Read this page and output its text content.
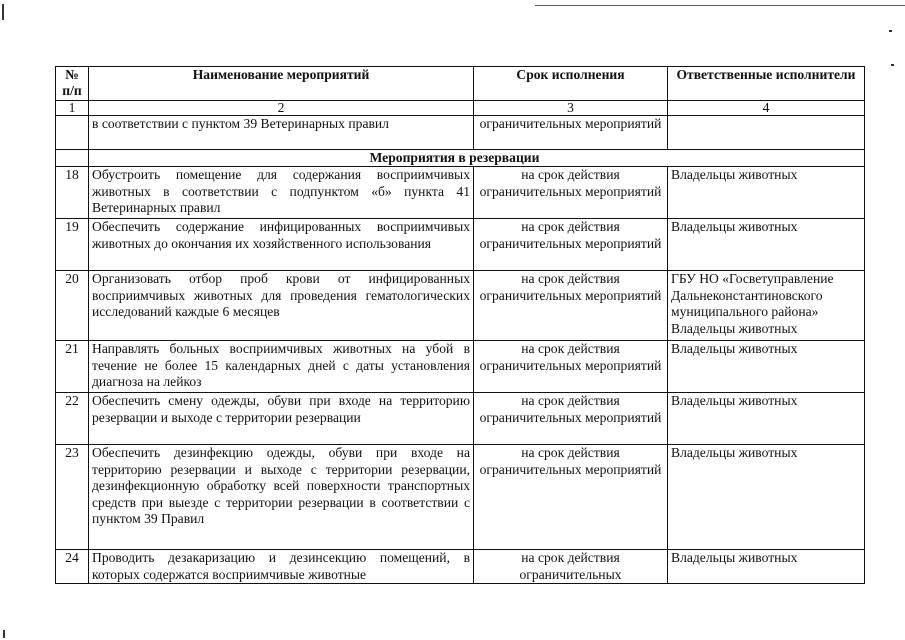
№ п/п	Наименование мероприятий	Срок исполнения	Ответственные исполнители
1	2	3	4
	в соответствии с пунктом 39 Ветеринарных правил	ограничительных мероприятий	
	Мероприятия в резервации		
18	Обустроить помещение для содержания восприимчивых животных в соответствии с подпунктом «б» пункта 41 Ветеринарных правил	на срок действия ограничительных мероприятий	Владельцы животных
19	Обеспечить содержание инфицированных восприимчивых животных до окончания их хозяйственного использования	на срок действия ограничительных мероприятий	Владельцы животных
20	Организовать отбор проб крови от инфицированных восприимчивых животных для проведения гематологических исследований каждые 6 месяцев	на срок действия ограничительных мероприятий	ГБУ НО «Госветуправление Дальнеконстантиновского муниципального района» Владельцы животных
21	Направлять больных восприимчивых животных на убой в течение не более 15 календарных дней с даты установления диагноза на лейкоз	на срок действия ограничительных мероприятий	Владельцы животных
22	Обеспечить смену одежды, обуви при входе на территорию резервации и выходе с территории резервации	на срок действия ограничительных мероприятий	Владельцы животных
23	Обеспечить дезинфекцию одежды, обуви при входе на территорию резервации и выходе с территории резервации, дезинфекционную обработку всей поверхности транспортных средств при выезде с территории резервации в соответствии с пунктом 39 Правил	на срок действия ограничительных мероприятий	Владельцы животных
24	Проводить дезакаризацию и дезинсекцию помещений, в которых содержатся восприимчивые животные	на срок действия ограничительных	Владельцы животных
